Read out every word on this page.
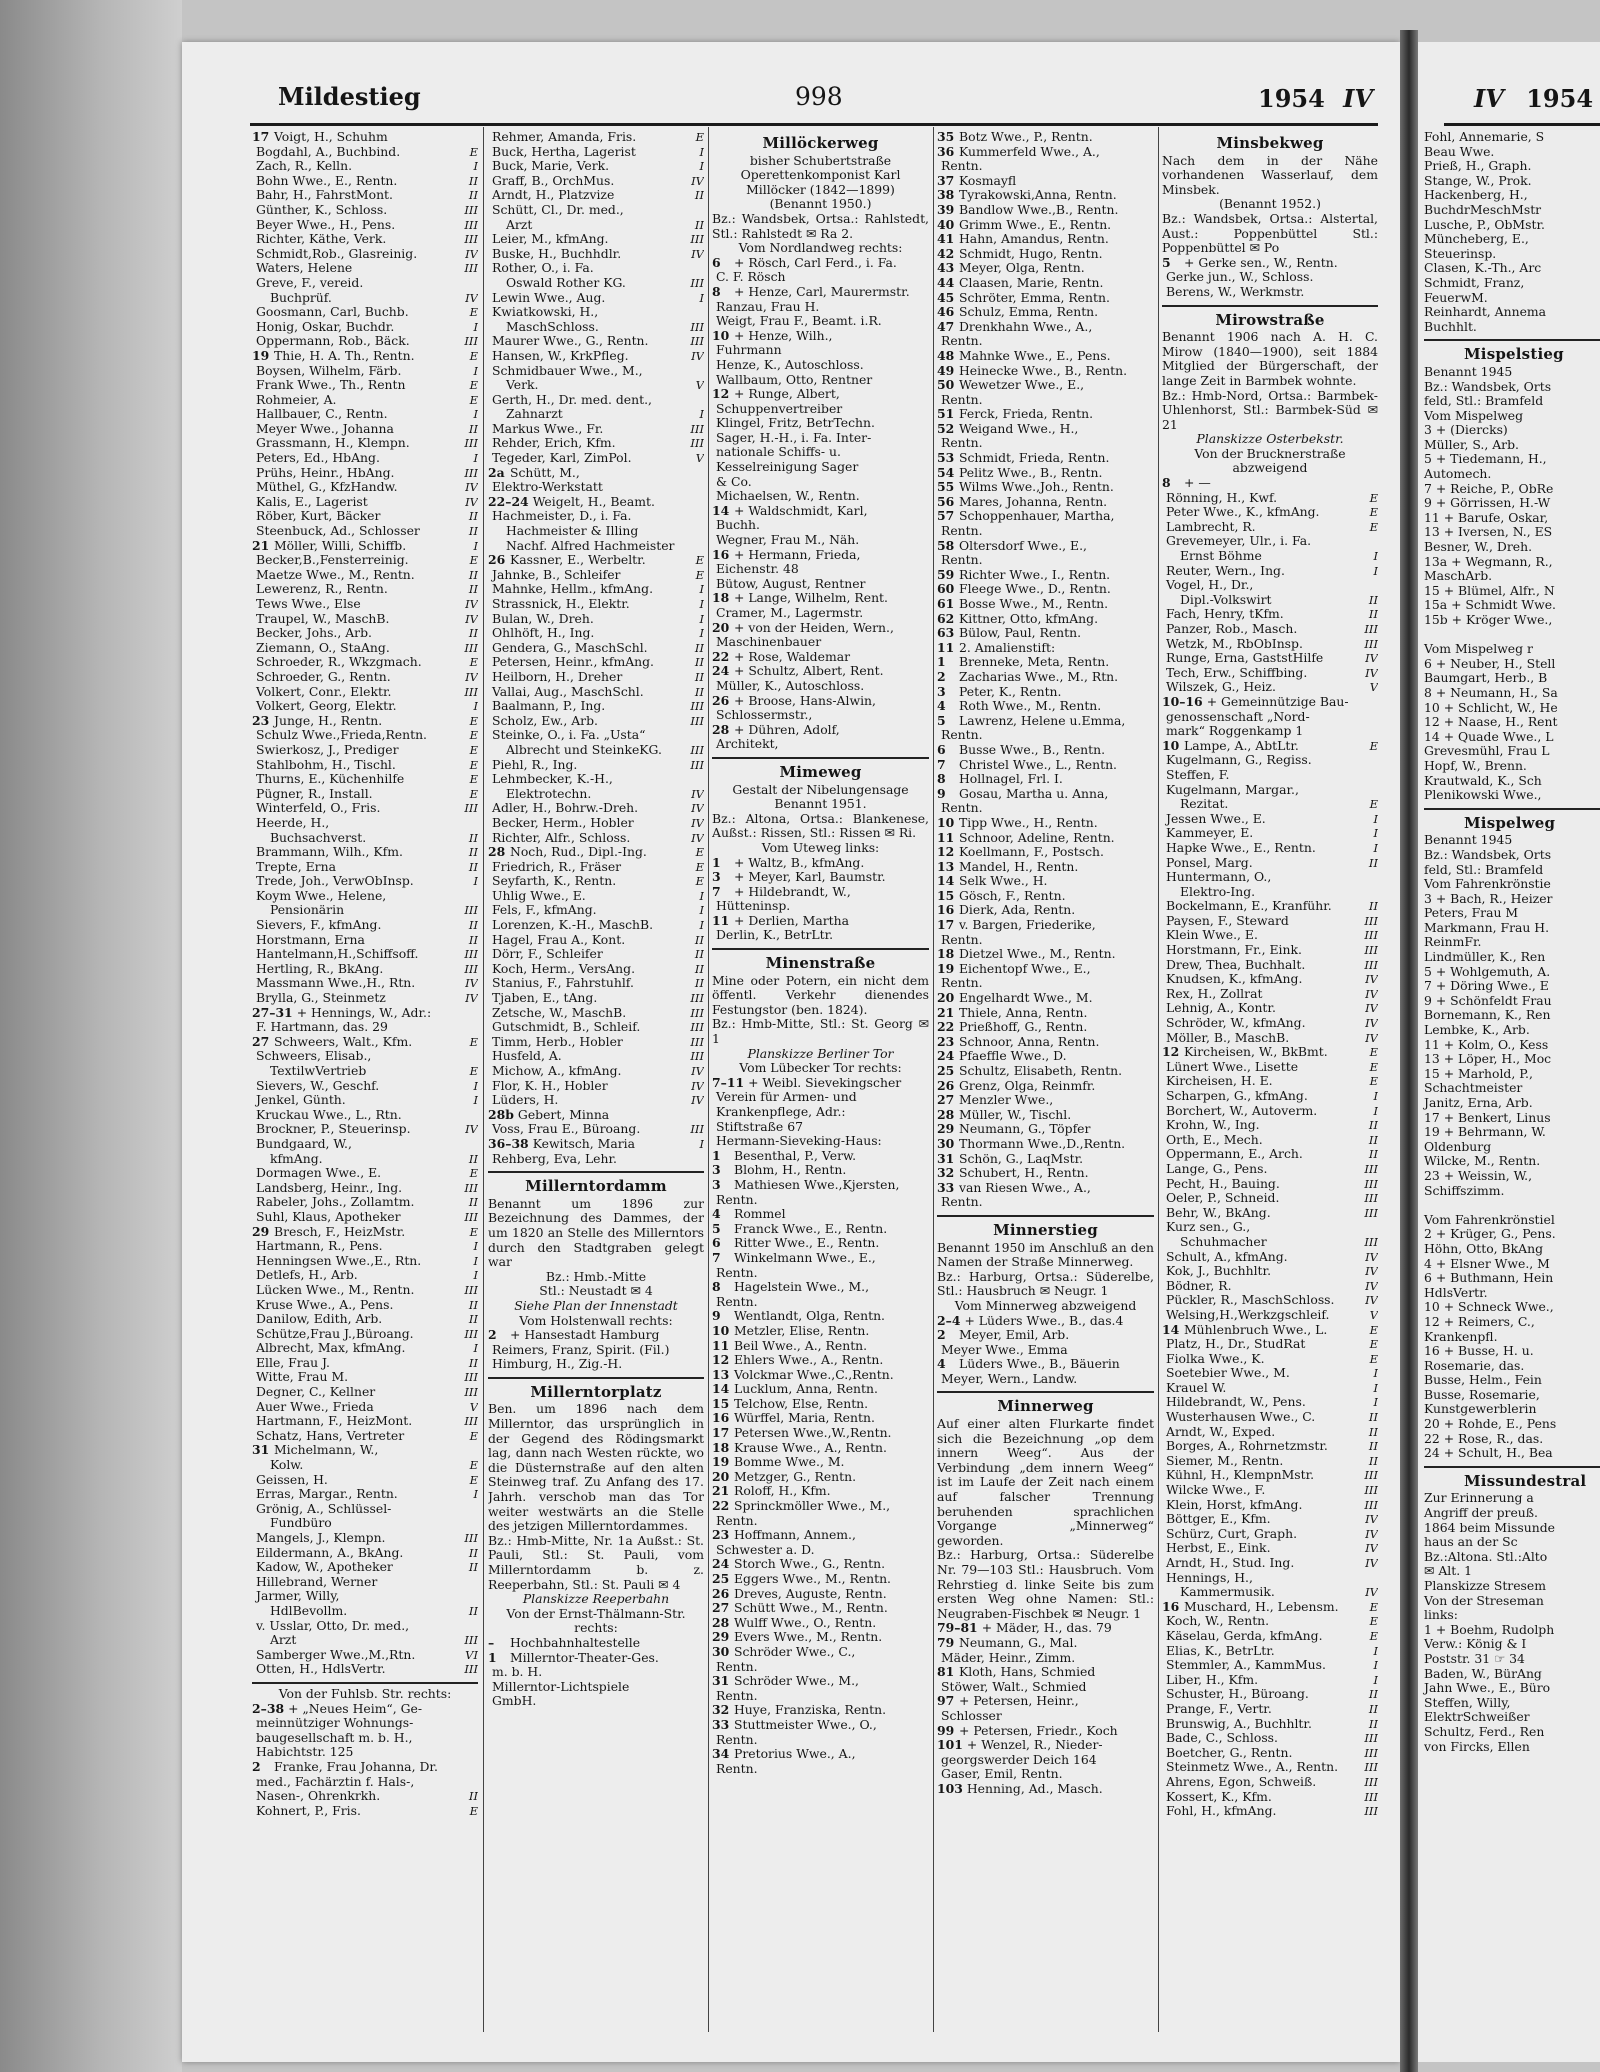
Fohl, Annemarie, S
Beau Wwe.
Prieß, H., Graph.
Stange, W., Prok.
Hackenberg, H.,
BuchdrMeschMstr
Lusche, P., ObMstr.
Müncheberg, E.,
Steuerinsp.
Clasen, K.-Th., Arc
Schmidt, Franz,
FeuerwM.
Reinhardt, Annema
Buchhlt.
Mispelstieg
Benannt 1945
Bz.: Wandsbek, Orts
feld, Stl.: Bramfeld
Vom Mispelweg
3 + (Diercks)
Müller, S., Arb.
5 + Tiedemann, H.,
Automech.
7 + Reiche, P., ObRe
9 + Görrissen, H.-W
11 + Barufe, Oskar,
13 + Iversen, N., ES
Besner, W., Dreh.
13a + Wegmann, R.,
MaschArb.
15 + Blümel, Alfr., N
15a + Schmidt Wwe.
15b + Kröger Wwe.,

Vom Mispelweg r
6 + Neuber, H., Stell
Baumgart, Herb., B
8 + Neumann, H., Sa
10 + Schlicht, W., He
12 + Naase, H., Rent
14 + Quade Wwe., L
Grevesmühl, Frau L
Hopf, W., Brenn.
Krautwald, K., Sch
Plenikowski Wwe.,
Mispelweg
Benannt 1945
Bz.: Wandsbek, Orts
feld, Stl.: Bramfeld
Vom Fahrenkrönstie
3 + Bach, R., Heizer
Peters, Frau M
Markmann, Frau H.
ReinmFr.
Lindmüller, K., Ren
5 + Wohlgemuth, A.
7 + Döring Wwe., E
9 + Schönfeldt Frau
Bornemann, K., Ren
Lembke, K., Arb.
11 + Kolm, O., Kess
13 + Löper, H., Moc
15 + Marhold, P.,
Schachtmeister
Janitz, Erna, Arb.
17 + Benkert, Linus
19 + Behrmann, W.
Oldenburg
Wilcke, M., Rentn.
23 + Weissin, W.,
Schiffszimm.

Vom Fahrenkrönstiel
2 + Krüger, G., Pens.
Höhn, Otto, BkAng
4 + Elsner Wwe., M
6 + Buthmann, Hein
HdlsVertr.
10 + Schneck Wwe.,
12 + Reimers, C.,
Krankenpfl.
16 + Busse, H. u.
Rosemarie, das.
Busse, Helm., Fein
Busse, Rosemarie,
Kunstgewerblerin
20 + Rohde, E., Pens
22 + Rose, R., das.
24 + Schult, H., Bea
Missundestral
Zur Erinnerung a
Angriff der preuß.
1864 beim Missunde
haus an der Sc
Bz.:Altona. Stl.:Alto
✉ Alt. 1
Planskizze Stresem
Von der Streseman
links:
1 + Boehm, Rudolph
Verw.: König & I
Poststr. 31 ☞ 34
Baden, W., BürAng
Jahn Wwe., E., Büro
Steffen, Willy,
ElektrSchweißer
Schultz, Ferd., Ren
von Fircks, Ellen
Mildestieg	998	1954 IV	IV 1954
17 Voigt, H., Schuhm
Bogdahl, A., Buchbind.	E
Zach, R., Kelln.	I
Bohn Wwe., E., Rentn.	II
Bahr, H., FahrstMont.	II
Günther, K., Schloss.	III
Beyer Wwe., H., Pens.	III
Richter, Käthe, Verk.	III
Schmidt,Rob., Glasreinig.	IV
Waters, Helene	III
Greve, F., vereid.
Buchprüf.	IV
Goosmann, Carl, Buchb.	E
Honig, Oskar, Buchdr.	I
Oppermann, Rob., Bäck.	III
19 Thie, H. A. Th., Rentn.	E
Boysen, Wilhelm, Färb.	I
Frank Wwe., Th., Rentn	E
Rohmeier, A.	E
Hallbauer, C., Rentn.	I
Meyer Wwe., Johanna	II
Grassmann, H., Klempn.	III
Peters, Ed., HbAng.	I
Prühs, Heinr., HbAng.	III
Müthel, G., KfzHandw.	IV
Kalis, E., Lagerist	IV
Röber, Kurt, Bäcker	II
Steenbuck, Ad., Schlosser	II
21 Möller, Willi, Schiffb.	I
Becker,B.,Fensterreinig.	E
Maetze Wwe., M., Rentn.	II
Lewerenz, R., Rentn.	II
Tews Wwe., Else	IV
Traupel, W., MaschB.	IV
Becker, Johs., Arb.	II
Ziemann, O., StaAng.	III
Schroeder, R., Wkzgmach.	E
Schroeder, G., Rentn.	IV
Volkert, Conr., Elektr.	III
Volkert, Georg, Elektr.	I
23 Junge, H., Rentn.	E
Schulz Wwe.,Frieda,Rentn.	E
Swierkosz, J., Prediger	E
Stahlbohm, H., Tischl.	E
Thurns, E., Küchenhilfe	E
Pügner, R., Install.	E
Winterfeld, O., Fris.	III
Heerde, H.,
Buchsachverst.	II
Brammann, Wilh., Kfm.	II
Trepte, Erna	II
Trede, Joh., VerwObInsp.	I
Koym Wwe., Helene,
Pensionärin	III
Sievers, F., kfmAng.	II
Horstmann, Erna	II
Hantelmann,H.,Schiffsoff.	III
Hertling, R., BkAng.	III
Massmann Wwe.,H., Rtn.	IV
Brylla, G., Steinmetz	IV
27–31 + Hennings, W., Adr.:
F. Hartmann, das. 29
27 Schweers, Walt., Kfm.	E
Schweers, Elisab.,
TextilwVertrieb	E
Sievers, W., Geschf.	I
Jenkel, Günth.	I
Kruckau Wwe., L., Rtn.
Brockner, P., Steuerinsp.	IV
Bundgaard, W.,
kfmAng.	II
Dormagen Wwe., E.	E
Landsberg, Heinr., Ing.	III
Rabeler, Johs., Zollamtm.	II
Suhl, Klaus, Apotheker	III
29 Bresch, F., HeizMstr.	E
Hartmann, R., Pens.	I
Henningsen Wwe.,E., Rtn.	I
Detlefs, H., Arb.	I
Lücken Wwe., M., Rentn.	III
Kruse Wwe., A., Pens.	II
Danilow, Edith, Arb.	II
Schütze,Frau J.,Büroang.	III
Albrecht, Max, kfmAng.	I
Elle, Frau J.	II
Witte, Frau M.	III
Degner, C., Kellner	III
Auer Wwe., Frieda	V
Hartmann, F., HeizMont.	III
Schatz, Hans, Vertreter	E
31 Michelmann, W.,
Kolw.	E
Geissen, H.	E
Erras, Margar., Rentn.	I
Grönig, A., Schlüssel-
Fundbüro
Mangels, J., Klempn.	III
Eildermann, A., BkAng.	II
Kadow, W., Apotheker	II
Hillebrand, Werner
Jarmer, Willy,
HdlBevollm.	II
v. Usslar, Otto, Dr. med.,
Arzt	III
Samberger Wwe.,M.,Rtn.	VI
Otten, H., HdlsVertr.	III
Von der Fuhlsb. Str. rechts:
2–38 + „Neues Heim“, Ge-
meinnütziger Wohnungs-
baugesellschaft m. b. H.,
Habichtstr. 125
2 Franke, Frau Johanna, Dr.
med., Fachärztin f. Hals-,
Nasen-, Ohrenkrkh.	II
Kohnert, P., Fris.	E
Rehmer, Amanda, Fris.	E
Buck, Hertha, Lagerist	I
Buck, Marie, Verk.	I
Graff, B., OrchMus.	IV
Arndt, H., Platzvize	II
Schütt, Cl., Dr. med.,
Arzt	II
Leier, M., kfmAng.	III
Buske, H., Buchhdlr.	IV
Rother, O., i. Fa.
Oswald Rother KG.	III
Lewin Wwe., Aug.	I
Kwiatkowski, H.,
MaschSchloss.	III
Maurer Wwe., G., Rentn.	III
Hansen, W., KrkPfleg.	IV
Schmidbauer Wwe., M.,
Verk.	V
Gerth, H., Dr. med. dent.,
Zahnarzt	I
Markus Wwe., Fr.	III
Rehder, Erich, Kfm.	III
Tegeder, Karl, ZimPol.	V
2a Schütt, M.,
Elektro-Werkstatt
22–24 Weigelt, H., Beamt.
Hachmeister, D., i. Fa.
Hachmeister & Illing
Nachf. Alfred Hachmeister
26 Kassner, E., Werbeltr.	E
Jahnke, B., Schleifer	E
Mahnke, Hellm., kfmAng.	I
Strassnick, H., Elektr.	I
Bulan, W., Dreh.	I
Ohlhöft, H., Ing.	I
Gendera, G., MaschSchl.	II
Petersen, Heinr., kfmAng.	II
Heilborn, H., Dreher	II
Vallai, Aug., MaschSchl.	II
Baalmann, P., Ing.	III
Scholz, Ew., Arb.	III
Steinke, O., i. Fa. „Usta“
Albrecht und SteinkeKG. III
Piehl, R., Ing.	III
Lehmbecker, K.-H.,
Elektrotechn.	IV
Adler, H., Bohrw.-Dreh.	IV
Becker, Herm., Hobler	IV
Richter, Alfr., Schloss.	IV
28 Noch, Rud., Dipl.-Ing.	E
Friedrich, R., Fräser	E
Seyfarth, K., Rentn.	E
Uhlig Wwe., E.	I
Fels, F., kfmAng.	I
Lorenzen, K.-H., MaschB.	I
Hagel, Frau A., Kont.	II
Dörr, F., Schleifer	II
Koch, Herm., VersAng.	II
Stanius, F., Fahrstuhlf.	II
Tjaben, E., tAng.	III
Zetsche, W., MaschB.	III
Gutschmidt, B., Schleif.	III
Timm, Herb., Hobler	III
Husfeld, A.	III
Michow, A., kfmAng.	IV
Flor, K. H., Hobler	IV
Lüders, H.	IV
28b Gebert, Minna
Voss, Frau E., Büroang.	III
36–38 Kewitsch, Maria	I
Rehberg, Eva, Lehr.
Millerntordamm
Benannt um 1896 zur Bezeichnung des Dammes, der um 1820 an Stelle des Millerntors durch den Stadtgraben gelegt war
Bz.: Hmb.-Mitte
Stl.: Neustadt ✉ 4
Siehe Plan der Innenstadt
Vom Holstenwall rechts:
2 + Hansestadt Hamburg
Reimers, Franz, Spirit. (Fil.)
Himburg, H., Zig.-H.
Millerntorplatz
Ben. um 1896 nach dem Millerntor, das ursprünglich in der Gegend des Rödingsmarkt lag, dann nach Westen rückte, wo die Düsternstraße auf den alten Steinweg traf. Zu Anfang des 17. Jahrh. verschob man das Tor weiter westwärts an die Stelle des jetzigen Millerntordammes.
Bz.: Hmb-Mitte, Nr. 1a Außst.: St. Pauli, Stl.: St. Pauli, vom Millerntordamm b. z. Reeperbahn, Stl.: St. Pauli ✉ 4
Planskizze Reeperbahn
Von der Ernst-Thälmann-Str. rechts:
– Hochbahnhaltestelle
1 Millerntor-Theater-Ges.
m. b. H.
Millerntor-Lichtspiele
GmbH.
Millöckerweg
bisher Schubertstraße
Operettenkomponist Karl Millöcker (1842—1899)
(Benannt 1950.)
Bz.: Wandsbek, Ortsa.: Rahlstedt, Stl.: Rahlstedt ✉ Ra 2.
Vom Nordlandweg rechts:
6 + Rösch, Carl Ferd., i. Fa.
C. F. Rösch
8 + Henze, Carl, Maurermstr.
Ranzau, Frau H.
Weigt, Frau F., Beamt. i.R.
10 + Henze, Wilh.,
Fuhrmann
Henze, K., Autoschloss.
Wallbaum, Otto, Rentner
12 + Runge, Albert,
Schuppenvertreiber
Klingel, Fritz, BetrTechn.
Sager, H.-H., i. Fa. Inter-
nationale Schiffs- u.
Kesselreinigung Sager
& Co.
Michaelsen, W., Rentn.
14 + Waldschmidt, Karl,
Buchh.
Wegner, Frau M., Näh.
16 + Hermann, Frieda,
Eichenstr. 48
Bütow, August, Rentner
18 + Lange, Wilhelm, Rent.
Cramer, M., Lagermstr.
20 + von der Heiden, Wern.,
Maschinenbauer
22 + Rose, Waldemar
24 + Schultz, Albert, Rent.
Müller, K., Autoschloss.
26 + Broose, Hans-Alwin,
Schlossermstr.,
28 + Dühren, Adolf,
Architekt,
Mimeweg
Gestalt der Nibelungensage
Benannt 1951.
Bz.: Altona, Ortsa.: Blankenese, Außst.: Rissen, Stl.: Rissen ✉ Ri.
Vom Uteweg links:
1 + Waltz, B., kfmAng.
3 + Meyer, Karl, Baumstr.
7 + Hildebrandt, W.,
Hütteninsp.
11 + Derlien, Martha
Derlin, K., BetrLtr.
Minenstraße
Mine oder Potern, ein nicht dem öffentl. Verkehr dienendes Festungstor (ben. 1824).
Bz.: Hmb-Mitte, Stl.: St. Georg ✉ 1
Planskizze Berliner Tor
Vom Lübecker Tor rechts:
7–11 + Weibl. Sievekingscher
Verein für Armen- und
Krankenpflege, Adr.:
Stiftstraße 67
Hermann-Sieveking-Haus:
1 Besenthal, P., Verw.
3 Blohm, H., Rentn.
3 Mathiesen Wwe.,Kjersten,
Rentn.
4 Rommel
5 Franck Wwe., E., Rentn.
6 Ritter Wwe., E., Rentn.
7 Winkelmann Wwe., E.,
Rentn.
8 Hagelstein Wwe., M.,
Rentn.
9 Wentlandt, Olga, Rentn.
10 Metzler, Elise, Rentn.
11 Beil Wwe., A., Rentn.
12 Ehlers Wwe., A., Rentn.
13 Volckmar Wwe.,C.,Rentn.
14 Lucklum, Anna, Rentn.
15 Telchow, Else, Rentn.
16 Würffel, Maria, Rentn.
17 Petersen Wwe.,W.,Rentn.
18 Krause Wwe., A., Rentn.
19 Bomme Wwe., M.
20 Metzger, G., Rentn.
21 Roloff, H., Kfm.
22 Sprinckmöller Wwe., M.,
Rentn.
23 Hoffmann, Annem.,
Schwester a. D.
24 Storch Wwe., G., Rentn.
25 Eggers Wwe., M., Rentn.
26 Dreves, Auguste, Rentn.
27 Schütt Wwe., M., Rentn.
28 Wulff Wwe., O., Rentn.
29 Evers Wwe., M., Rentn.
30 Schröder Wwe., C.,
Rentn.
31 Schröder Wwe., M.,
Rentn.
32 Huye, Franziska, Rentn.
33 Stuttmeister Wwe., O.,
Rentn.
34 Pretorius Wwe., A.,
Rentn.
35 Botz Wwe., P., Rentn.
36 Kummerfeld Wwe., A.,
Rentn.
37 Kosmayfl
38 Tyrakowski,Anna, Rentn.
39 Bandlow Wwe.,B., Rentn.
40 Grimm Wwe., E., Rentn.
41 Hahn, Amandus, Rentn.
42 Schmidt, Hugo, Rentn.
43 Meyer, Olga, Rentn.
44 Claasen, Marie, Rentn.
45 Schröter, Emma, Rentn.
46 Schulz, Emma, Rentn.
47 Drenkhahn Wwe., A.,
Rentn.
48 Mahnke Wwe., E., Pens.
49 Heinecke Wwe., B., Rentn.
50 Wewetzer Wwe., E.,
Rentn.
51 Ferck, Frieda, Rentn.
52 Weigand Wwe., H.,
Rentn.
53 Schmidt, Frieda, Rentn.
54 Pelitz Wwe., B., Rentn.
55 Wilms Wwe.,Joh., Rentn.
56 Mares, Johanna, Rentn.
57 Schoppenhauer, Martha,
Rentn.
58 Oltersdorf Wwe., E.,
Rentn.
59 Richter Wwe., I., Rentn.
60 Fleege Wwe., D., Rentn.
61 Bosse Wwe., M., Rentn.
62 Kittner, Otto, kfmAng.
63 Bülow, Paul, Rentn.
11 2. Amalienstift:
1 Brenneke, Meta, Rentn.
2 Zacharias Wwe., M., Rtn.
3 Peter, K., Rentn.
4 Roth Wwe., M., Rentn.
5 Lawrenz, Helene u.Emma,
Rentn.
6 Busse Wwe., B., Rentn.
7 Christel Wwe., L., Rentn.
8 Hollnagel, Frl. I.
9 Gosau, Martha u. Anna,
Rentn.
10 Tipp Wwe., H., Rentn.
11 Schnoor, Adeline, Rentn.
12 Koellmann, F., Postsch.
13 Mandel, H., Rentn.
14 Selk Wwe., H.
15 Gösch, F., Rentn.
16 Dierk, Ada, Rentn.
17 v. Bargen, Friederike,
Rentn.
18 Dietzel Wwe., M., Rentn.
19 Eichentopf Wwe., E.,
Rentn.
20 Engelhardt Wwe., M.
21 Thiele, Anna, Rentn.
22 Prießhoff, G., Rentn.
23 Schnoor, Anna, Rentn.
24 Pfaeffle Wwe., D.
25 Schultz, Elisabeth, Rentn.
26 Grenz, Olga, Reinmfr.
27 Menzler Wwe.,
28 Müller, W., Tischl.
29 Neumann, G., Töpfer
30 Thormann Wwe.,D.,Rentn.
31 Schön, G., LaqMstr.
32 Schubert, H., Rentn.
33 van Riesen Wwe., A.,
Rentn.
Minnerstieg
Benannt 1950 im Anschluß an den Namen der Straße Minnerweg.
Bz.: Harburg, Ortsa.: Süderelbe, Stl.: Hausbruch ✉ Neugr. 1
Vom Minnerweg abzweigend
2–4 + Lüders Wwe., B., das.4
2 Meyer, Emil, Arb.
Meyer Wwe., Emma
4 Lüders Wwe., B., Bäuerin
Meyer, Wern., Landw.
Minnerweg
Auf einer alten Flurkarte findet sich die Bezeichnung „op dem innern Weeg“. Aus der Verbindung „dem innern Weeg“ ist im Laufe der Zeit nach einem auf falscher Trennung beruhenden sprachlichen Vorgange „Minnerweg“ geworden.
Bz.: Harburg, Ortsa.: Süderelbe Nr. 79—103 Stl.: Hausbruch. Vom Rehrstieg d. linke Seite bis zum ersten Weg ohne Namen: Stl.: Neugraben-Fischbek ✉ Neugr. 1
79–81 + Mäder, H., das. 79
79 Neumann, G., Mal.
Mäder, Heinr., Zimm.
81 Kloth, Hans, Schmied
Stöwer, Walt., Schmied
97 + Petersen, Heinr.,
Schlosser
99 + Petersen, Friedr., Koch
101 + Wenzel, R., Nieder-
georgswerder Deich 164
Gaser, Emil, Rentn.
103 Henning, Ad., Masch.
Minsbekweg
Nach dem in der Nähe vorhandenen Wasserlauf, dem Minsbek.
(Benannt 1952.)
Bz.: Wandsbek, Ortsa.: Alstertal, Aust.: Poppenbüttel Stl.: Poppenbüttel ✉ Po
5 + Gerke sen., W., Rentn.
Gerke jun., W., Schloss.
Berens, W., Werkmstr.
Mirowstraße
Benannt 1906 nach A. H. C. Mirow (1840—1900), seit 1884 Mitglied der Bürgerschaft, der lange Zeit in Barmbek wohnte.
Bz.: Hmb-Nord, Ortsa.: Barmbek-Uhlenhorst, Stl.: Barmbek-Süd ✉ 21
Planskizze Osterbekstr.
Von der Brucknerstraße abzweigend
8 + —
Rönning, H., Kwf.	E
Peter Wwe., K., kfmAng.	E
Lambrecht, R.	E
Grevemeyer, Ulr., i. Fa.
Ernst Böhme	I
Reuter, Wern., Ing.	I
Vogel, H., Dr.,
Dipl.-Volkswirt	II
Fach, Henry, tKfm.	II
Panzer, Rob., Masch.	III
Wetzk, M., RbObInsp.	III
Runge, Erna, GaststHilfe	IV
Tech, Erw., Schiffbing.	IV
Wilszek, G., Heiz.	V
10–16 + Gemeinnützige Bau-
genossenschaft „Nord-
mark“ Roggenkamp 1
10 Lampe, A., AbtLtr.	E
Kugelmann, G., Regiss.
Steffen, F.
Kugelmann, Margar.,
Rezitat.	E
Jessen Wwe., E.	I
Kammeyer, E.	I
Hapke Wwe., E., Rentn.	I
Ponsel, Marg.	II
Huntermann, O.,
Elektro-Ing.
Bockelmann, E., Kranführ.	II
Paysen, F., Steward	III
Klein Wwe., E.	III
Horstmann, Fr., Eink.	III
Drew, Thea, Buchhalt.	III
Knudsen, K., kfmAng.	IV
Rex, H., Zollrat	IV
Lehnig, A., Kontr.	IV
Schröder, W., kfmAng.	IV
Möller, B., MaschB.	IV
12 Kircheisen, W., BkBmt.	E
Lünert Wwe., Lisette	E
Kircheisen, H. E.	E
Scharpen, G., kfmAng.	I
Borchert, W., Autoverm.	I
Krohn, W., Ing.	II
Orth, E., Mech.	II
Oppermann, E., Arch.	II
Lange, G., Pens.	III
Pecht, H., Bauing.	III
Oeler, P., Schneid.	III
Behr, W., BkAng.	III
Kurz sen., G.,
Schuhmacher	III
Schult, A., kfmAng.	IV
Kok, J., Buchhltr.	IV
Bödner, R.	IV
Pückler, R., MaschSchloss.	IV
Welsing,H.,Werkzgschleif.	V
14 Mühlenbruch Wwe., L.	E
Platz, H., Dr., StudRat	E
Fiolka Wwe., K.	E
Soetebier Wwe., M.	I
Krauel W.	I
Hildebrandt, W., Pens.	I
Wusterhausen Wwe., C.	II
Arndt, W., Exped.	II
Borges, A., Rohrnetzmstr.	II
Siemer, M., Rentn.	II
Kühnl, H., KlempnMstr.	III
Wilcke Wwe., F.	III
Klein, Horst, kfmAng.	III
Böttger, E., Kfm.	IV
Schürz, Curt, Graph.	IV
Herbst, E., Eink.	IV
Arndt, H., Stud. Ing.	IV
Hennings, H.,
Kammermusik.	IV
16 Muschard, H., Lebensm.	E
Koch, W., Rentn.	E
Käselau, Gerda, kfmAng.	E
Elias, K., BetrLtr.	I
Stemmler, A., KammMus.	I
Liber, H., Kfm.	I
Schuster, H., Büroang.	II
Prange, F., Vertr.	II
Brunswig, A., Buchhltr.	II
Bade, C., Schloss.	III
Boetcher, G., Rentn.	III
Steinmetz Wwe., A., Rentn. III
Ahrens, Egon, Schweiß.	III
Kossert, K., Kfm.	III
Fohl, H., kfmAng.	III
